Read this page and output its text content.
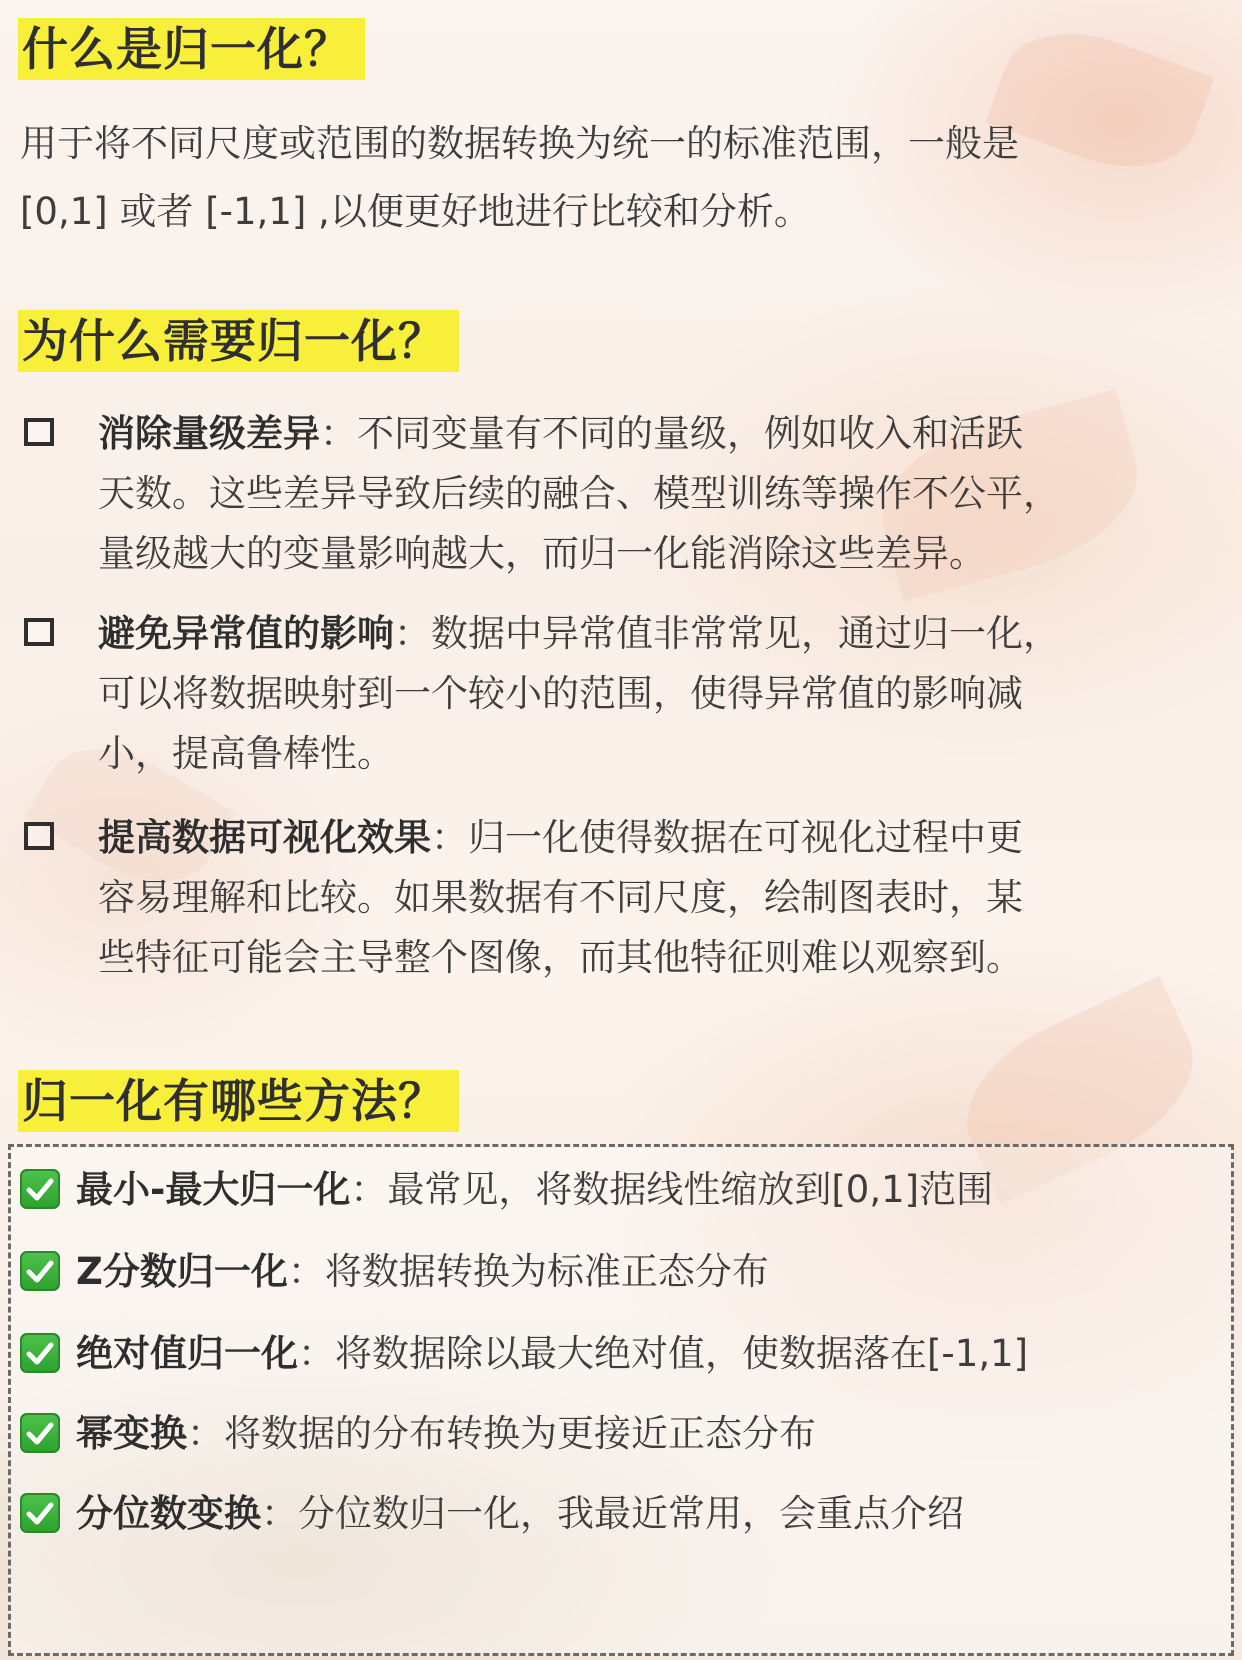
什么是归一化？
用于将不同尺度或范围的数据转换为统一的标准范围，一般是
[0,1] 或者 [-1,1] ,以便更好地进行比较和分析。
为什么需要归一化？
消除量级差异：不同变量有不同的量级，例如收入和活跃
天数。这些差异导致后续的融合、模型训练等操作不公平，
量级越大的变量影响越大，而归一化能消除这些差异。
避免异常值的影响：数据中异常值非常常见，通过归一化，
可以将数据映射到一个较小的范围，使得异常值的影响减
小，提高鲁棒性。
提高数据可视化效果：归一化使得数据在可视化过程中更
容易理解和比较。如果数据有不同尺度，绘制图表时，某
些特征可能会主导整个图像，而其他特征则难以观察到。
归一化有哪些方法？
最小-最大归一化：最常见，将数据线性缩放到[0,1]范围
Z分数归一化：将数据转换为标准正态分布
绝对值归一化：将数据除以最大绝对值，使数据落在[-1,1]
幂变换：将数据的分布转换为更接近正态分布
分位数变换：分位数归一化，我最近常用，会重点介绍
